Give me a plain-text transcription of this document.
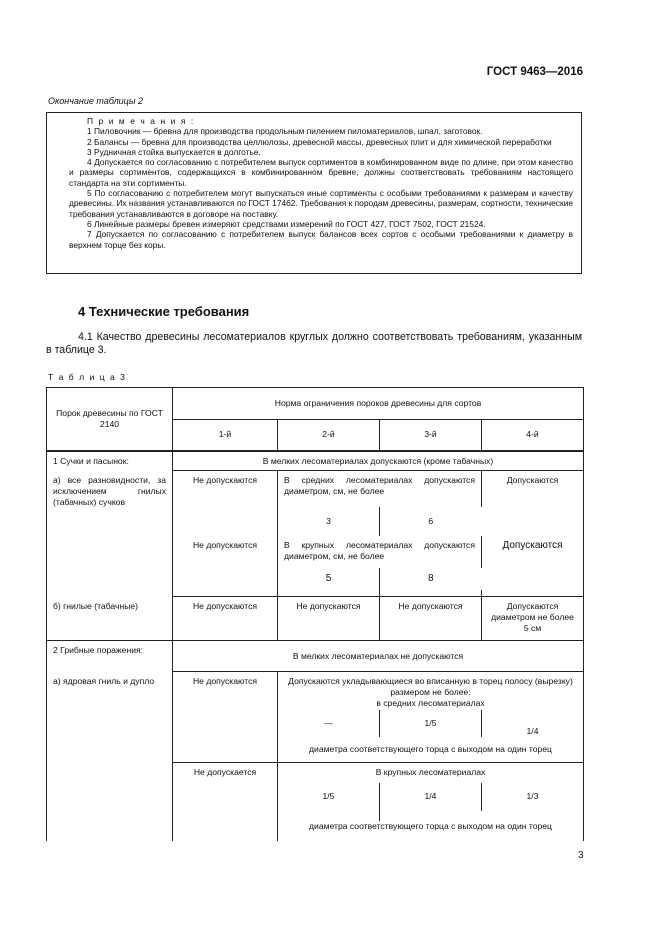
ГОСТ 9463—2016
Окончание таблицы 2

П р и м е ч а н и я :

1 Пиловочник — бревна для производства продольным пилением пиломатериалов, шпал, заготовок.

2 Балансы — бревна для производства целлюлозы, древесной массы, древесных плит и для химической переработки

3 Рудничная стойка выпускается в долготье.

4 Допускается по согласованию с потребителем выпуск сортиментов в комбинированном виде по длине, при этом качество и размеры сортиментов, содержащихся в комбинированном бревне, должны соответствовать требованиям настоящего стандарта на эти сортименты.

5 По согласованию с потребителем могут выпускаться иные сортименты с особыми требованиями к размерам и качеству древесины. Их названия устанавливаются по ГОСТ 17462. Требования к породам древесины, размерам, сортности, технические требования устанавливаются в договоре на поставку.

6 Линейные размеры бревен измеряют средствами измерений по ГОСТ 427, ГОСТ 7502, ГОСТ 21524.

7 Допускается по согласованию с потребителем выпуск балансов всех сортов с особыми требованиями к диаметру в верхнем торце без коры.

4 Технические требования
4.1 Качество древесины лесоматериалов круглых должно соответствовать требованиям, указанным в таблице 3.
Т а б л и ц а 3
Порок древесины по ГОСТ 2140	Норма ограничения пороков древесины для сортов			
	1-й	2-й	3-й	4-й
1 Сучки и пасынок:	В мелких лесоматериалах допускаются (кроме табачных)			
а) все разновидности, за исключением гнилых (табачных) сучков	Не допускаются	В средних лесоматериалах допускаются диаметром, см, не более		Допускаются
		3	6	
	Не допускаются	В крупных лесоматериалах допускаются диаметром, см, не более		Допускаются
		5	8	

б) гнилые (табачные)	Не допускаются	Не допускаются	Не допускаются	Допускаются диаметром не более 5 см
2 Грибные поражения:	В мелких лесоматериалах не допускаются			
а) ядровая гниль и дупло	Не допускаются	Допускаются укладывающиеся во вписанную в торец полосу (вырезку) размером не более:
в средних лесоматериалах		

		—	1/5	1/4
		диаметра соответствующего торца с выходом на один торец		
	Не допускается	В крупных лесоматериалах		
		1/5	1/4	1/3

		диаметра соответствующего торца с выходом на один торец		

3
